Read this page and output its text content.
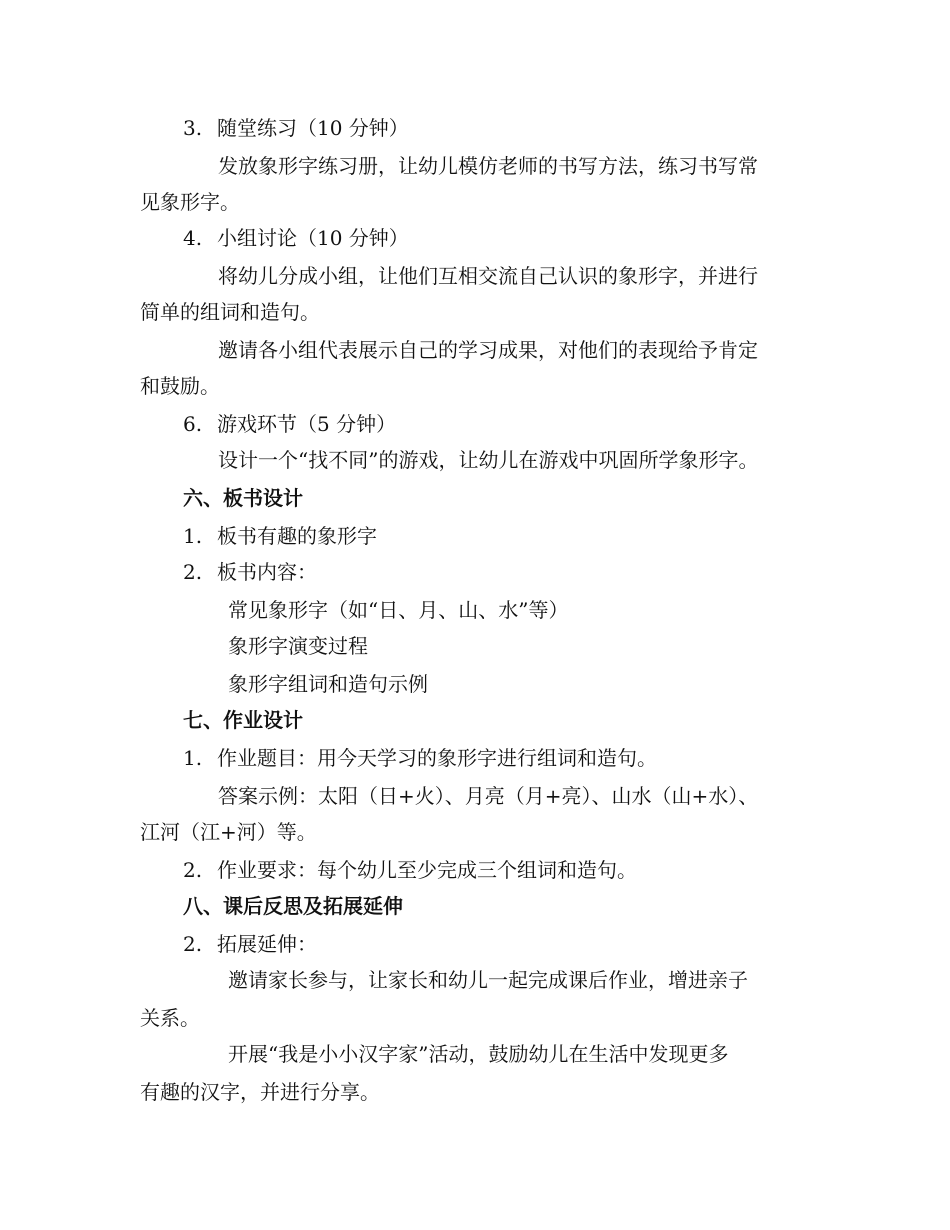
3. 随堂练习（10 分钟）
发放象形字练习册，让幼儿模仿老师的书写方法，练习书写常
见象形字。
4. 小组讨论（10 分钟）
将幼儿分成小组，让他们互相交流自己认识的象形字，并进行
简单的组词和造句。
邀请各小组代表展示自己的学习成果，对他们的表现给予肯定
和鼓励。
6. 游戏环节（5 分钟）
设计一个“找不同”的游戏，让幼儿在游戏中巩固所学象形字。
六、板书设计
1. 板书有趣的象形字
2. 板书内容：
常见象形字（如“日、月、山、水”等）
象形字演变过程
象形字组词和造句示例
七、作业设计
1. 作业题目：用今天学习的象形字进行组词和造句。
答案示例：太阳（日+火）、月亮（月+亮）、山水（山+水）、
江河（江+河）等。
2. 作业要求：每个幼儿至少完成三个组词和造句。
八、课后反思及拓展延伸
2. 拓展延伸：
邀请家长参与，让家长和幼儿一起完成课后作业，增进亲子
关系。
开展“我是小小汉字家”活动，鼓励幼儿在生活中发现更多
有趣的汉字，并进行分享。
